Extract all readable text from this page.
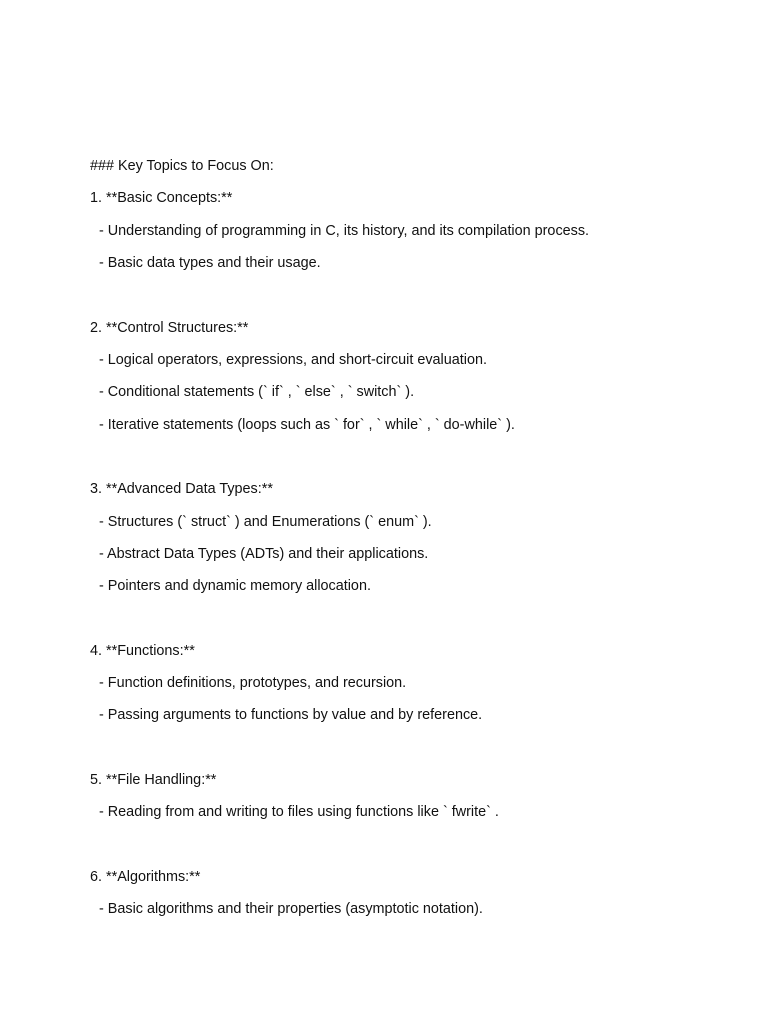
### Key Topics to Focus On:
1. **Basic Concepts:**
- Understanding of programming in C, its history, and its compilation process.
- Basic data types and their usage.
2. **Control Structures:**
- Logical operators, expressions, and short-circuit evaluation.
- Conditional statements (` if` , ` else` , ` switch` ).
- Iterative statements (loops such as ` for` , ` while` , ` do-while` ).
3. **Advanced Data Types:**
- Structures (` struct` ) and Enumerations (` enum` ).
- Abstract Data Types (ADTs) and their applications.
- Pointers and dynamic memory allocation.
4. **Functions:**
- Function definitions, prototypes, and recursion.
- Passing arguments to functions by value and by reference.
5. **File Handling:**
- Reading from and writing to files using functions like ` fwrite` .
6. **Algorithms:**
- Basic algorithms and their properties (asymptotic notation).
